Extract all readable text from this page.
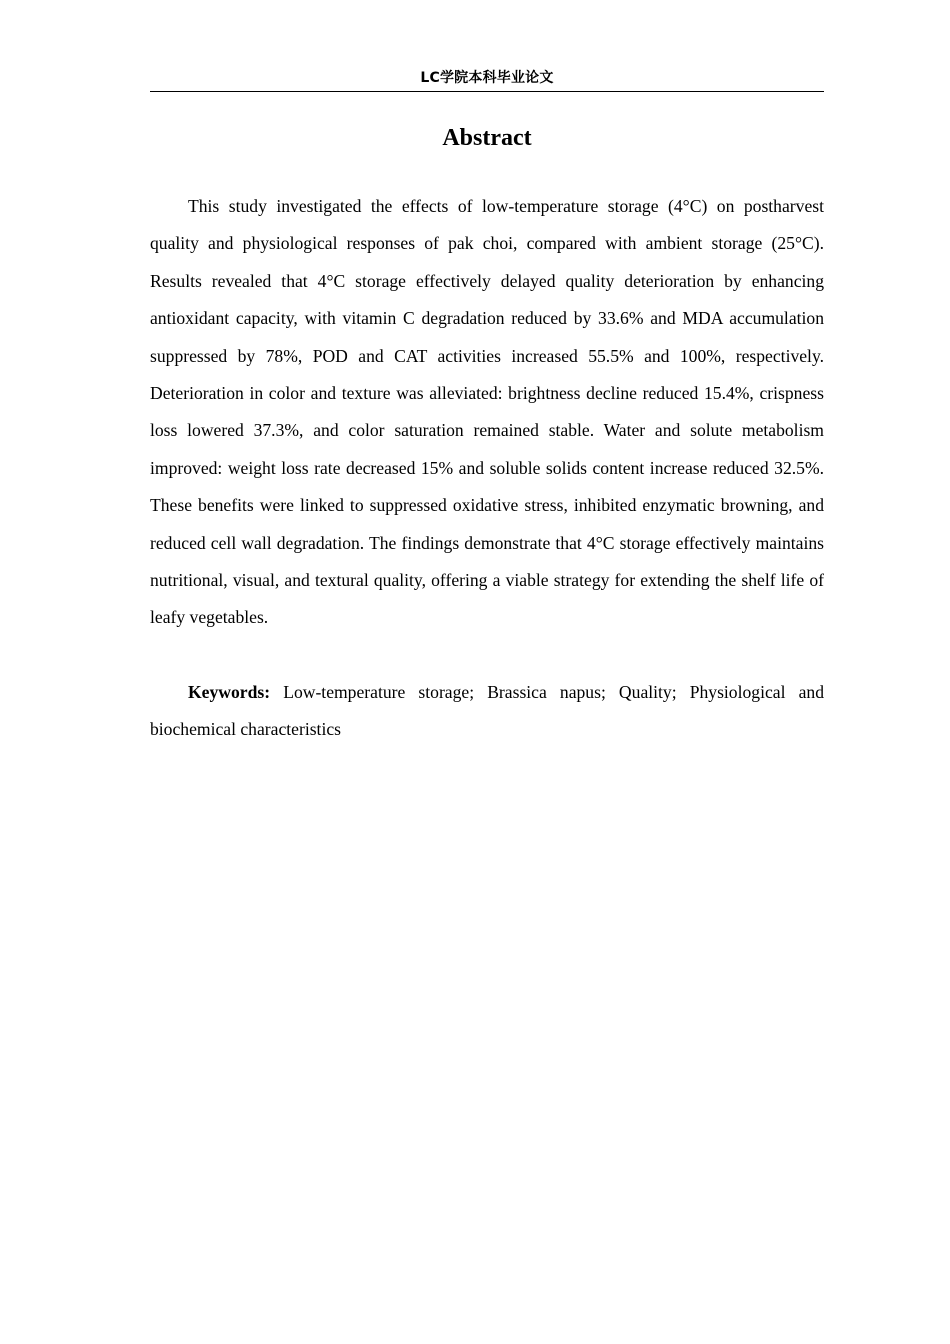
LC学院本科毕业论文
Abstract

This study investigated the effects of low-temperature storage (4°C) on postharvest quality and physiological responses of pak choi, compared with ambient storage (25°C). Results revealed that 4°C storage effectively delayed quality deterioration by enhancing antioxidant capacity, with vitamin C degradation reduced by 33.6% and MDA accumulation suppressed by 78%, POD and CAT activities increased 55.5% and 100%, respectively. Deterioration in color and texture was alleviated: brightness decline reduced 15.4%, crispness loss lowered 37.3%, and color saturation remained stable. Water and solute metabolism improved: weight loss rate decreased 15% and soluble solids content increase reduced 32.5%. These benefits were linked to suppressed oxidative stress, inhibited enzymatic browning, and reduced cell wall degradation. The findings demonstrate that 4°C storage effectively maintains nutritional, visual, and textural quality, offering a viable strategy for extending the shelf life of leafy vegetables.

Keywords: Low-temperature storage; Brassica napus; Quality; Physiological and biochemical characteristics
